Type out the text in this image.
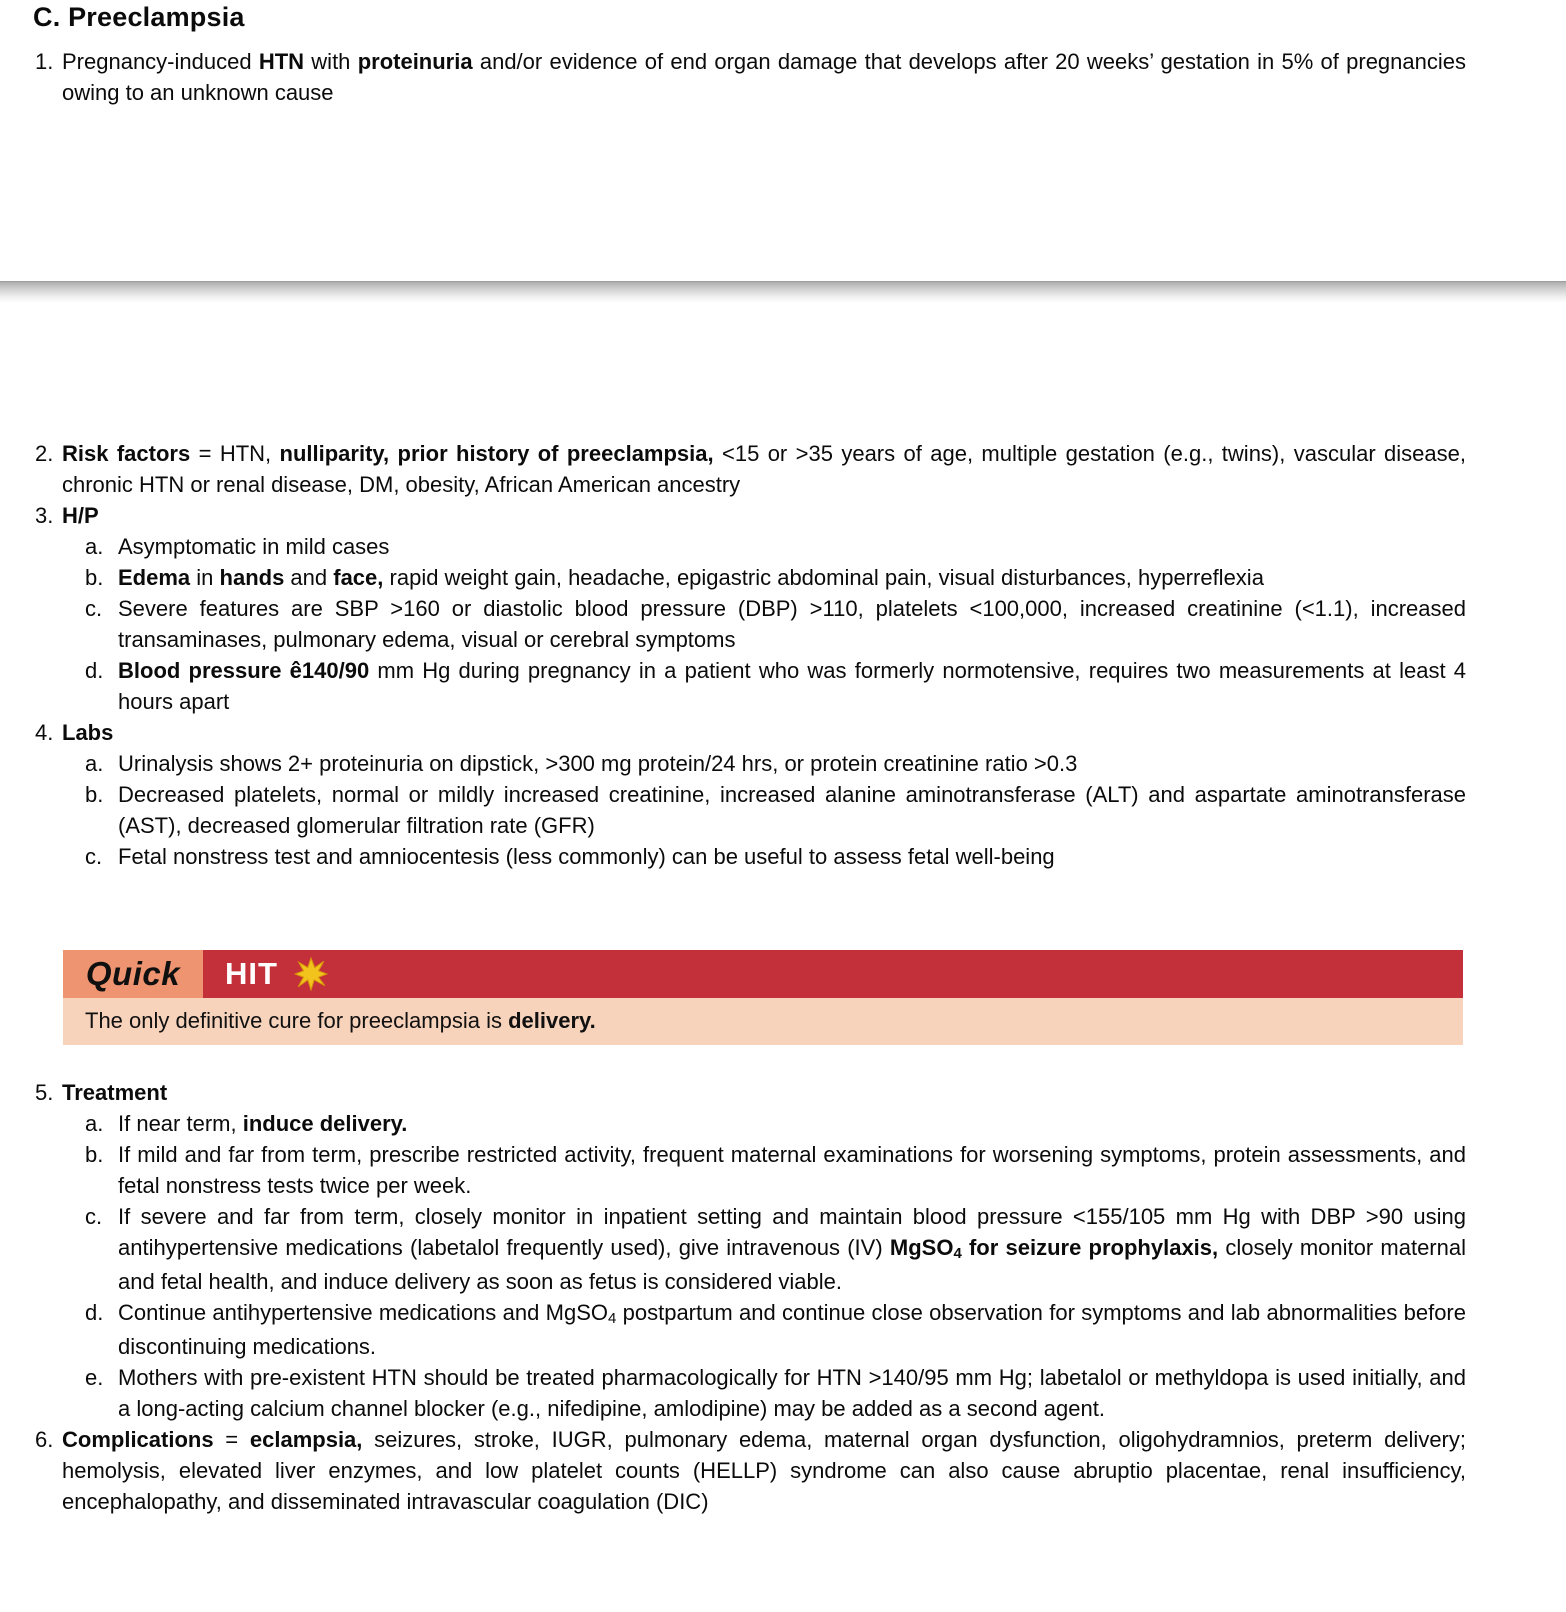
C. Preeclampsia
1. Pregnancy-induced HTN with proteinuria and/or evidence of end organ damage that develops after 20 weeks’ gestation in 5% of pregnancies owing to an unknown cause
2. Risk factors = HTN, nulliparity, prior history of preeclampsia, <15 or >35 years of age, multiple gestation (e.g., twins), vascular disease, chronic HTN or renal disease, DM, obesity, African American ancestry
3. H/P
a. Asymptomatic in mild cases
b. Edema in hands and face, rapid weight gain, headache, epigastric abdominal pain, visual disturbances, hyperreflexia
c. Severe features are SBP >160 or diastolic blood pressure (DBP) >110, platelets <100,000, increased creatinine (<1.1), increased transaminases, pulmonary edema, visual or cerebral symptoms
d. Blood pressure ê140/90 mm Hg during pregnancy in a patient who was formerly normotensive, requires two measurements at least 4 hours apart
4. Labs
a. Urinalysis shows 2+ proteinuria on dipstick, >300 mg protein/24 hrs, or protein creatinine ratio >0.3
b. Decreased platelets, normal or mildly increased creatinine, increased alanine aminotransferase (ALT) and aspartate aminotransferase (AST), decreased glomerular filtration rate (GFR)
c. Fetal nonstress test and amniocentesis (less commonly) can be useful to assess fetal well-being
Quick	HIT
The only definitive cure for preeclampsia is delivery.
5. Treatment
a. If near term, induce delivery.
b. If mild and far from term, prescribe restricted activity, frequent maternal examinations for worsening symptoms, protein assessments, and fetal nonstress tests twice per week.
c. If severe and far from term, closely monitor in inpatient setting and maintain blood pressure <155/105 mm Hg with DBP >90 using antihypertensive medications (labetalol frequently used), give intravenous (IV) MgSO4 for seizure prophylaxis, closely monitor maternal and fetal health, and induce delivery as soon as fetus is considered viable.
d. Continue antihypertensive medications and MgSO4 postpartum and continue close observation for symptoms and lab abnormalities before discontinuing medications.
e. Mothers with pre-existent HTN should be treated pharmacologically for HTN >140/95 mm Hg; labetalol or methyldopa is used initially, and a long-acting calcium channel blocker (e.g., nifedipine, amlodipine) may be added as a second agent.
6. Complications = eclampsia, seizures, stroke, IUGR, pulmonary edema, maternal organ dysfunction, oligohydramnios, preterm delivery; hemolysis, elevated liver enzymes, and low platelet counts (HELLP) syndrome can also cause abruptio placentae, renal insufficiency, encephalopathy, and disseminated intravascular coagulation (DIC)
